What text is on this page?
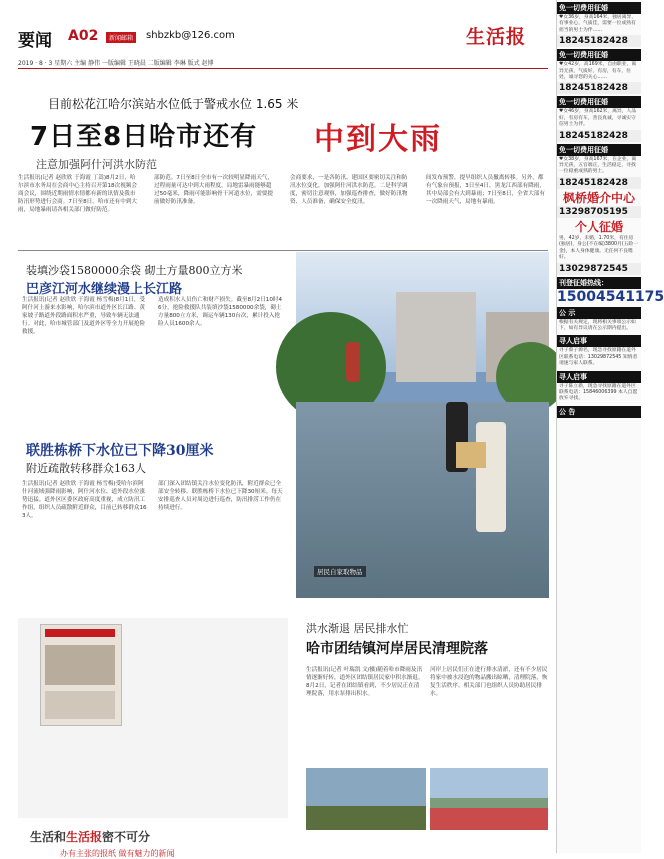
要闻 A02	新闻邮箱	shbzkb@126.com	生活报
2019 · 8 · 3 星期六 主编 静伟 一版编辑 王晓晨 二版编辑 李琳 版式 赵博
目前松花江哈尔滨站水位低于警戒水位 1.65 米
7日至8日哈市还有 中到大雨
注意加强阿什河洪水防范
生活报讯(记者 赵欣欣 于海霞 丁嵩)8月2日，哈尔滨市水务局在会商中心主持召开第18次视频会商会议，围绕近期雨情水情都有新的讯情及我市防汛形势进行会商。7日至8日，哈市还有中到大雨，局地暴雨请各相关部门做好防范。
部防范。7日至8日全市有一次较明显降雨天气，过程雨量可达中到大雨程度，局地雷暴雨能够超过50毫米，降雨可能影响骨干河道水位，需要提前做好防汛准备。
会商要求，一是各防汛、建国区要密切关注和防汛水位变化，加强阿什河洪水防范。二是科学调度，密切注意观察，加强巡查排查，做好防汛物资、人员准备，确保安全度汛。
间发布预警，提早组织人员撤离转移。另外，都有气象台预报，3日至4日，黑龙江西部有降雨，其中局部会有大到暴雨；7日至8日，全省大部有一次降雨天气，局地有暴雨。
装填沙袋1580000余袋 砌土方量800立方米
巴彦江河水继续漫上长江路
生活报讯(记者 赵欣欣 于海霞 杨雪梅)8月1日，受阿什河上游来水影响，哈尔滨市道外区长江路、黄家坡子路道外段路面积水严重，导致车辆无法通行。对此，哈市城管部门及道外区等全力开展抢险救援。
造成积水人员伤亡和财产损失。截至8月2日10时46分，抢险救援队共装填沙袋1580000余袋，砌土方量800立方米，调运车辆130台次，累计投入抢险人员1600余人。
联胜栋桥下水位已下降30厘米
附近疏散转移群众163人
生活报讯(记者 赵欣欣 于海霞 杨雪梅)受哈尔滨阿什河流域强降雨影响，阿什河水位、道外段水位涨势迅猛。道外区区委区政府高度重视，成立防汛工作组，组织人员疏散附近群众，目前已转移群众163人。
部门深入团结镇关注水位变化防汛，附近群众已全部安全转移。联胜栋桥下水位已下降30厘米。每天安排巡查人员对周边进行巡查，防汛排涝工作仍在持续进行。
居民自家取物品
洪水渐退 居民排水忙
哈市团结镇河岸居民清理院落
生活报讯(记者 叶瑞凯 文/摄)随着哈市降雨及汛情逐渐好转，道外区团结镇居民家中积水渐退。8月2日，记者在团结镇看到，不少居民正在清理院落，用水泵排出积水。
河岸上居民们正在进行排水清淤，还有不少居民将家中被水浸泡的物品搬出晾晒，清理院落，恢复生活秩序。相关部门也组织人员协助居民排水。
生活和生活报密不可分
办有主张的报纸 做有魅力的新闻
免一切费用征婚
♥女36岁，身高164米，独居离异，有事业心，气质佳，需要一位成熟有担当的男士为伴……
18245182428
免一切费用征婚
♥女42岁，高169米，自由职业，离异无孩，气质好，有房，有车，住处，诚寻您的关心……
18245182428
免一切费用征婚
♥女46岁，身高162米，离异，人品好，有房有车，善良真诚，寻诚实守信男士为伴。
18245182428
免一切费用征婚
♥女38岁，身高167米，在企业，离异无孩，五官端正，生活稳定，寻找一位稳重成熟的男士。
18245182428
枫桥婚介中心
13298705195
个人征婚
男，42岁，未婚，1.70米，有住房(独居)，身公(不在编)3800月(五险一金)，本人身体健康。无任何不良嗜好。
13029872545
刊登征婚热线：
15004541175
公 示
根据有关规定，现将相关事项公示如下，如有异议请在公示期内提出。
寻人启事
寻子蔡子源名，现急寻找原籍在道外区联系电话：13029872545 知情者请速与家人联系。
寻人启事
寻子陈立新，现急寻找原籍在道外区联系电话：15846006399 本人自愿放弃寻找。
公 告
